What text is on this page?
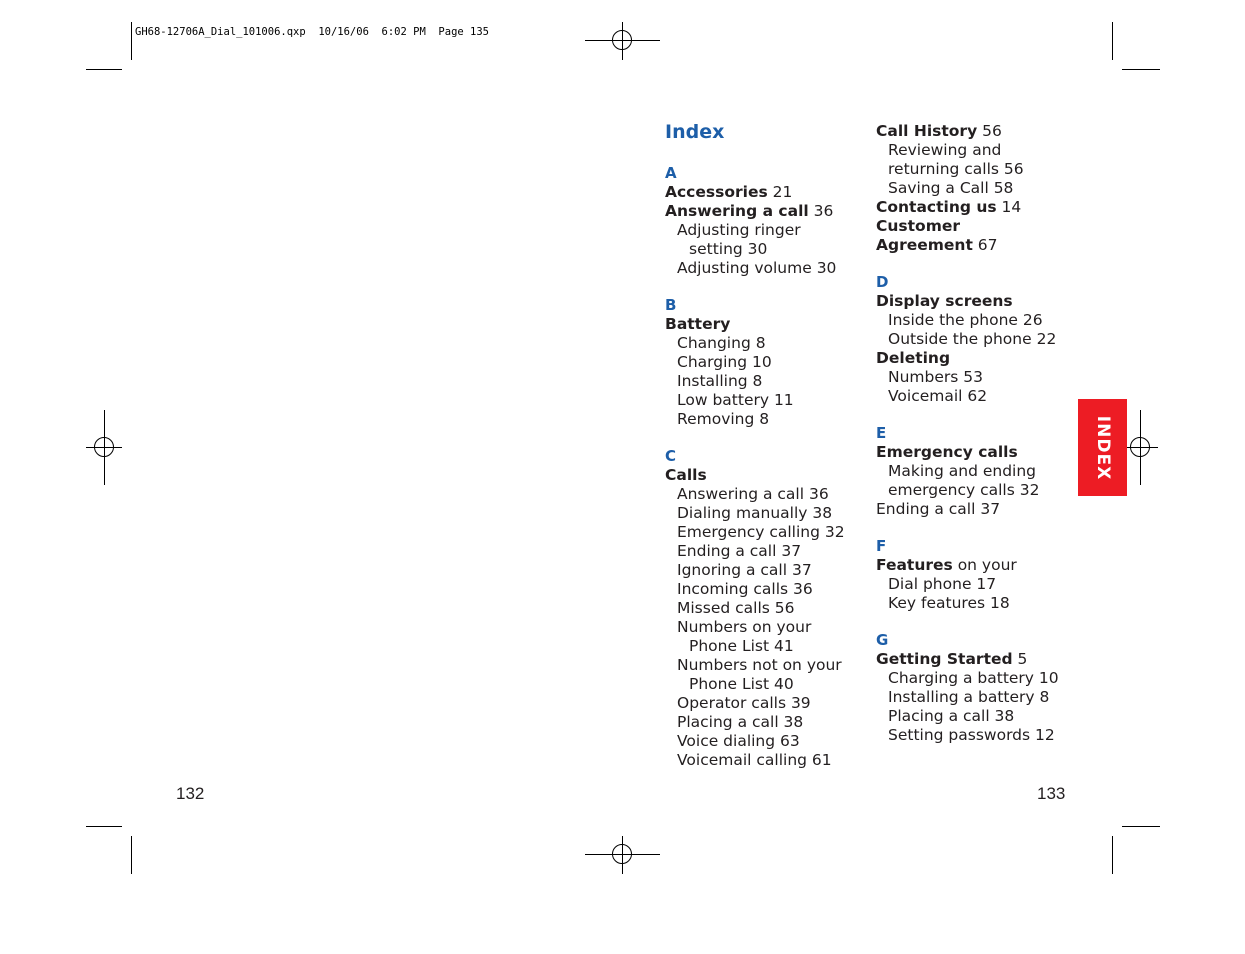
GH68-12706A_Dial_101006.qxp  10/16/06  6:02 PM  Page 135
132	133
INDEX
Index
A
Accessories 21
Answering a call 36
Adjusting ringer
setting 30
Adjusting volume 30
B
Battery
Changing 8
Charging 10
Installing 8
Low battery 11
Removing 8
C
Calls
Answering a call 36
Dialing manually 38
Emergency calling 32
Ending a call 37
Ignoring a call 37
Incoming calls 36
Missed calls 56
Numbers on your
Phone List 41
Numbers not on your
Phone List 40
Operator calls 39
Placing a call 38
Voice dialing 63
Voicemail calling 61
Call History 56
Reviewing and
returning calls 56
Saving a Call 58
Contacting us 14
Customer
Agreement 67
D
Display screens
Inside the phone 26
Outside the phone 22
Deleting
Numbers 53
Voicemail 62
E
Emergency calls
Making and ending
emergency calls 32
Ending a call 37
F
Features on your
Dial phone 17
Key features 18
G
Getting Started 5
Charging a battery 10
Installing a battery 8
Placing a call 38
Setting passwords 12
